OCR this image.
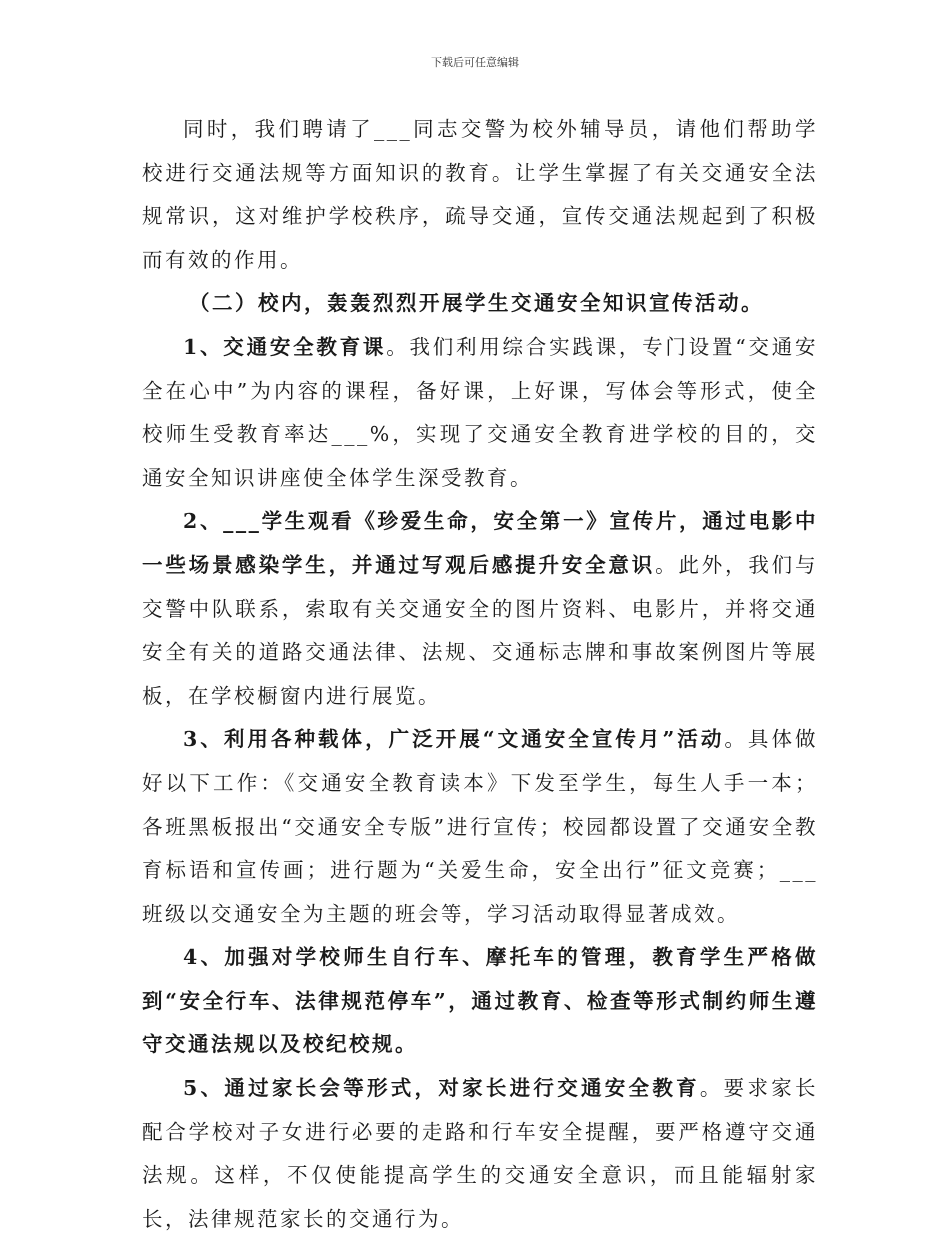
下载后可任意编辑

同时，我们聘请了___同志交警为校外辅导员，请他们帮助学校进行交通法规等方面知识的教育。让学生掌握了有关交通安全法规常识，这对维护学校秩序，疏导交通，宣传交通法规起到了积极而有效的作用。

（二）校内，轰轰烈烈开展学生交通安全知识宣传活动。

1、交通安全教育课。我们利用综合实践课，专门设置“交通安全在心中”为内容的课程，备好课，上好课，写体会等形式，使全校师生受教育率达___%，实现了交通安全教育进学校的目的，交通安全知识讲座使全体学生深受教育。

2、___学生观看《珍爱生命，安全第一》宣传片，通过电影中一些场景感染学生，并通过写观后感提升安全意识。此外，我们与交警中队联系，索取有关交通安全的图片资料、电影片，并将交通安全有关的道路交通法律、法规、交通标志牌和事故案例图片等展板，在学校橱窗内进行展览。

3、利用各种载体，广泛开展“文通安全宣传月”活动。具体做好以下工作：《交通安全教育读本》下发至学生，每生人手一本；各班黑板报出“交通安全专版”进行宣传；校园都设置了交通安全教育标语和宣传画；进行题为“关爱生命，安全出行”征文竞赛；___班级以交通安全为主题的班会等，学习活动取得显著成效。

4、加强对学校师生自行车、摩托车的管理，教育学生严格做到“安全行车、法律规范停车”，通过教育、检查等形式制约师生遵守交通法规以及校纪校规。

5、通过家长会等形式，对家长进行交通安全教育。要求家长配合学校对子女进行必要的走路和行车安全提醒，要严格遵守交通法规。这样，不仅使能提高学生的交通安全意识，而且能辐射家长，法律规范家长的交通行为。
